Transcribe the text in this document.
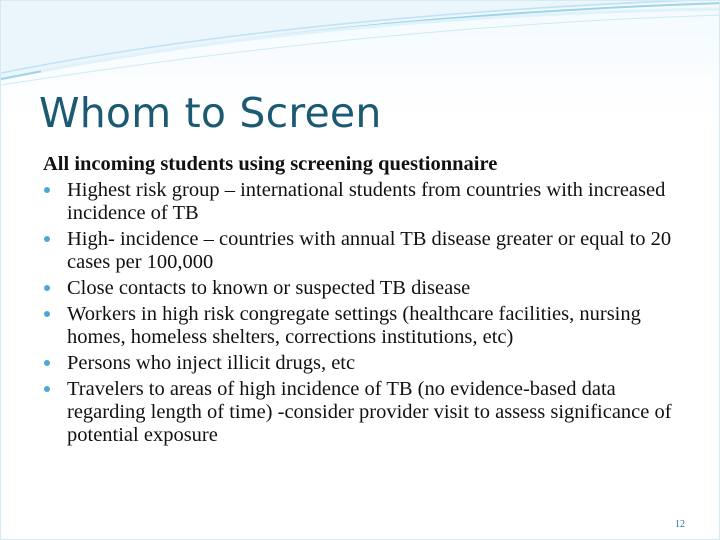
Whom to Screen
All incoming students using screening questionnaire
Highest risk group – international students from countries with increased incidence of TB
High- incidence – countries with annual TB disease greater or equal to 20 cases per 100,000
Close contacts to known or suspected TB disease
Workers in high risk congregate settings (healthcare facilities, nursing homes, homeless shelters, corrections institutions, etc)
Persons who inject illicit drugs, etc
Travelers to areas of high incidence of TB (no evidence-based data regarding length of time) -consider provider visit to assess significance of potential exposure
12
